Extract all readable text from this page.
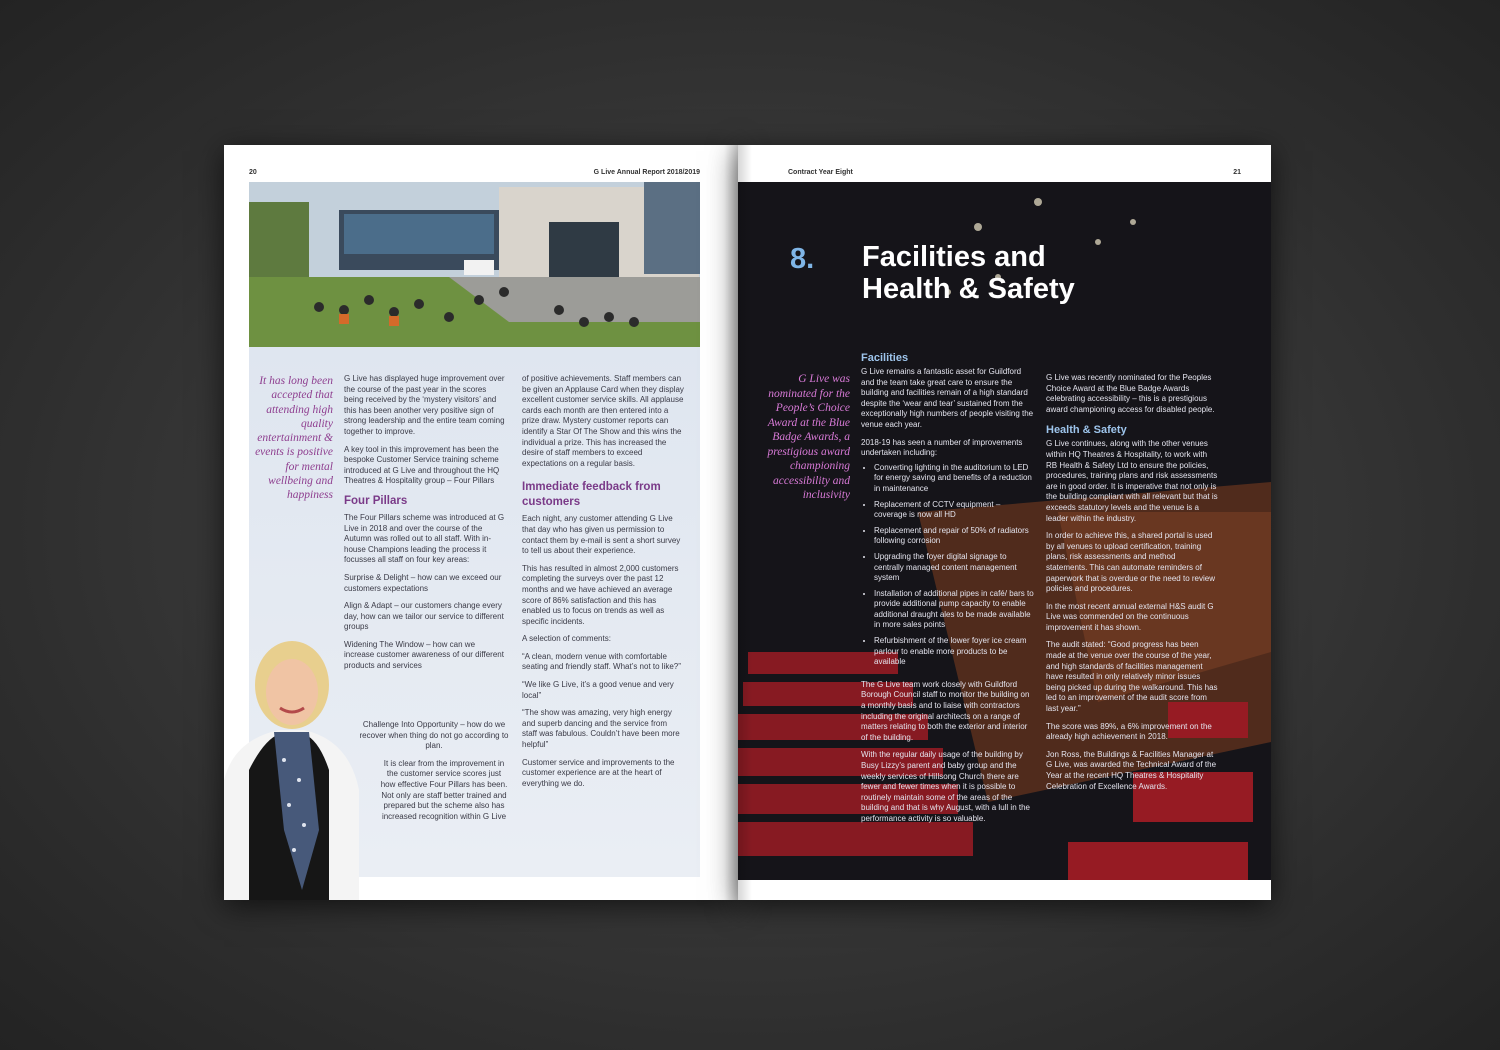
20	G Live Annual Report 2018/2019
It has long been accepted that attending high quality entertainment & events is positive for mental wellbeing and happiness

G Live has displayed huge improvement over the course of the past year in the scores being received by the ‘mystery visitors’ and this has been another very positive sign of strong leadership and the entire team coming together to improve.

A key tool in this improvement has been the bespoke Customer Service training scheme introduced at G Live and throughout the HQ Theatres & Hospitality group – Four Pillars

Four Pillars

The Four Pillars scheme was introduced at G Live in 2018 and over the course of the Autumn was rolled out to all staff. With in-house Champions leading the process it focusses all staff on four key areas:

Surprise & Delight – how can we exceed our customers expectations

Align & Adapt – our customers change every day, how can we tailor our service to different groups

Widening The Window – how can we increase customer awareness of our different products and services

Challenge Into Opportunity – how do we recover when thing do not go according to plan.

It is clear from the improvement in the customer service scores just how effective Four Pillars has been. Not only are staff better trained and prepared but the scheme also has increased recognition within G Live

of positive achievements. Staff members can be given an Applause Card when they display excellent customer service skills. All applause cards each month are then entered into a prize draw. Mystery customer reports can identify a Star Of The Show and this wins the individual a prize. This has increased the desire of staff members to exceed expectations on a regular basis.

Immediate feedback from customers

Each night, any customer attending G Live that day who has given us permission to contact them by e-mail is sent a short survey to tell us about their experience.

This has resulted in almost 2,000 customers completing the surveys over the past 12 months and we have achieved an average score of 86% satisfaction and this has enabled us to focus on trends as well as specific incidents.

A selection of comments:

“A clean, modern venue with comfortable seating and friendly staff. What’s not to like?”

“We like G Live, it’s a good venue and very local”

“The show was amazing, very high energy and superb dancing and the service from staff was fabulous. Couldn’t have been more helpful”

Customer service and improvements to the customer experience are at the heart of everything we do.

Contract Year Eight	21
8. Facilities and
Health & Safety
G Live was nominated for the People’s Choice Award at the Blue Badge Awards, a prestigious award championing accessibility and inclusivity
Facilities

G Live remains a fantastic asset for Guildford and the team take great care to ensure the building and facilities remain of a high standard despite the ‘wear and tear’ sustained from the exceptionally high numbers of people visiting the venue each year.

2018-19 has seen a number of improvements undertaken including:

• Converting lighting in the auditorium to LED for energy saving and benefits of a reduction in maintenance
• Replacement of CCTV equipment – coverage is now all HD
• Replacement and repair of 50% of radiators following corrosion
• Upgrading the foyer digital signage to centrally managed content management system
• Installation of additional pipes in café/ bars to provide additional pump capacity to enable additional draught ales to be made available in more sales points
• Refurbishment of the lower foyer ice cream parlour to enable more products to be available

The G Live team work closely with Guildford Borough Council staff to monitor the building on a monthly basis and to liaise with contractors including the original architects on a range of matters relating to both the exterior and interior of the building.

With the regular daily usage of the building by Busy Lizzy’s parent and baby group and the weekly services of Hillsong Church there are fewer and fewer times when it is possible to routinely maintain some of the areas of the building and that is why August, with a lull in the performance activity is so valuable.

G Live was recently nominated for the Peoples Choice Award at the Blue Badge Awards celebrating accessibility – this is a prestigious award championing access for disabled people.

Health & Safety

G Live continues, along with the other venues within HQ Theatres & Hospitality, to work with RB Health & Safety Ltd to ensure the policies, procedures, training plans and risk assessments are in good order. It is imperative that not only is the building compliant with all relevant but that is exceeds statutory levels and the venue is a leader within the industry.

In order to achieve this, a shared portal is used by all venues to upload certification, training plans, risk assessments and method statements. This can automate reminders of paperwork that is overdue or the need to review policies and procedures.

In the most recent annual external H&S audit G Live was commended on the continuous improvement it has shown.

The audit stated: “Good progress has been made at the venue over the course of the year, and high standards of facilities management have resulted in only relatively minor issues being picked up during the walkaround. This has led to an improvement of the audit score from last year.”

The score was 89%, a 6% improvement on the already high achievement in 2018.

Jon Ross, the Buildings & Facilities Manager at G Live, was awarded the Technical Award of the Year at the recent HQ Theatres & Hospitality Celebration of Excellence Awards.
